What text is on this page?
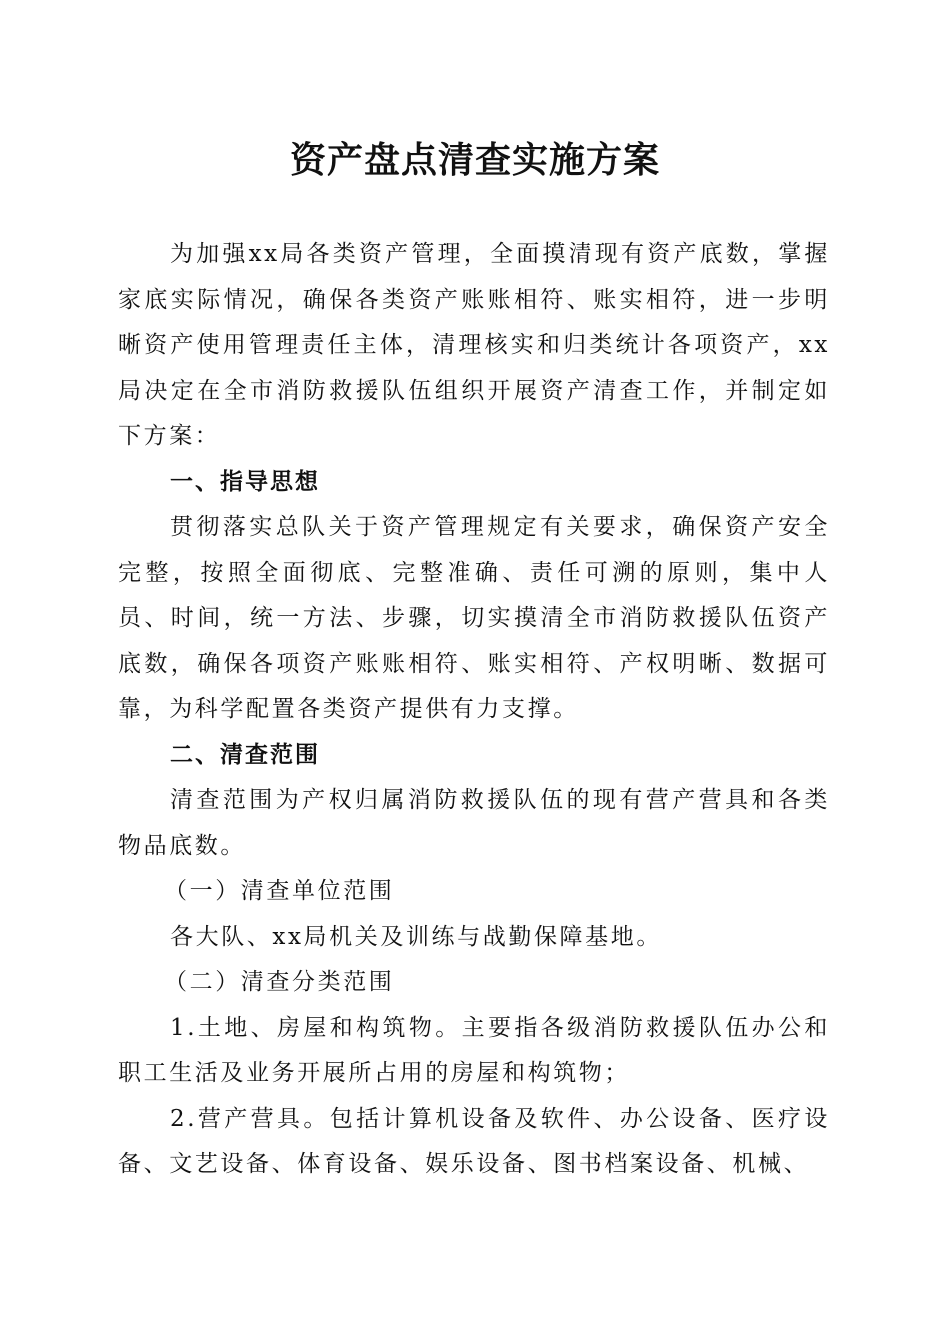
资产盘点清查实施方案

为加强xx局各类资产管理，全面摸清现有资产底数，掌握家底实际情况，确保各类资产账账相符、账实相符，进一步明晰资产使用管理责任主体，清理核实和归类统计各项资产，xx局决定在全市消防救援队伍组织开展资产清查工作，并制定如下方案：

一、指导思想

贯彻落实总队关于资产管理规定有关要求，确保资产安全完整，按照全面彻底、完整准确、责任可溯的原则，集中人员、时间，统一方法、步骤，切实摸清全市消防救援队伍资产底数，确保各项资产账账相符、账实相符、产权明晰、数据可靠，为科学配置各类资产提供有力支撑。

二、清查范围

清查范围为产权归属消防救援队伍的现有营产营具和各类物品底数。

（一）清查单位范围

各大队、xx局机关及训练与战勤保障基地。

（二）清查分类范围

1.土地、房屋和构筑物。主要指各级消防救援队伍办公和职工生活及业务开展所占用的房屋和构筑物；

2.营产营具。包括计算机设备及软件、办公设备、医疗设备、文艺设备、体育设备、娱乐设备、图书档案设备、机械、
